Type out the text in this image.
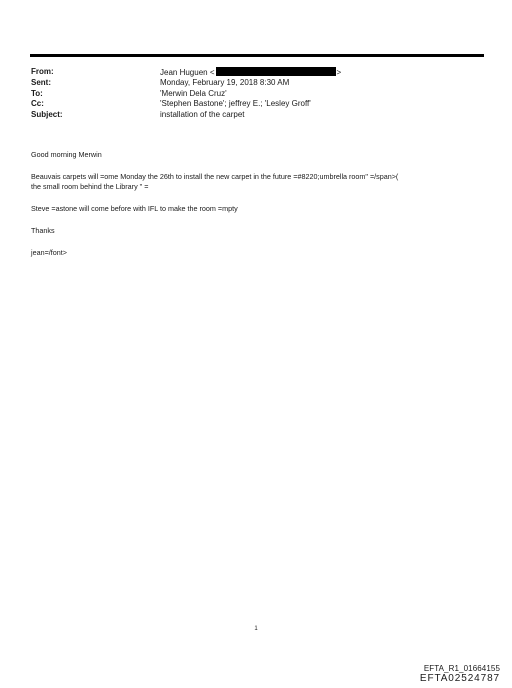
From:	Jean Huguen <	>
Sent:	Monday, February 19, 2018 8:30 AM
To:	'Merwin Dela Cruz'
Cc:	'Stephen Bastone'; jeffrey E.; 'Lesley Groff'
Subject:	installation of the carpet
Good morning Merwin
Beauvais carpets will =ome Monday the 26th to install the new carpet in the future =#8220;umbrella room" =/span>(
the small room behind the Library " =
Steve =astone will come before with IFL to make the room =mpty
Thanks
jean=/font>
1
EFTA_R1_01664155
EFTA02524787
